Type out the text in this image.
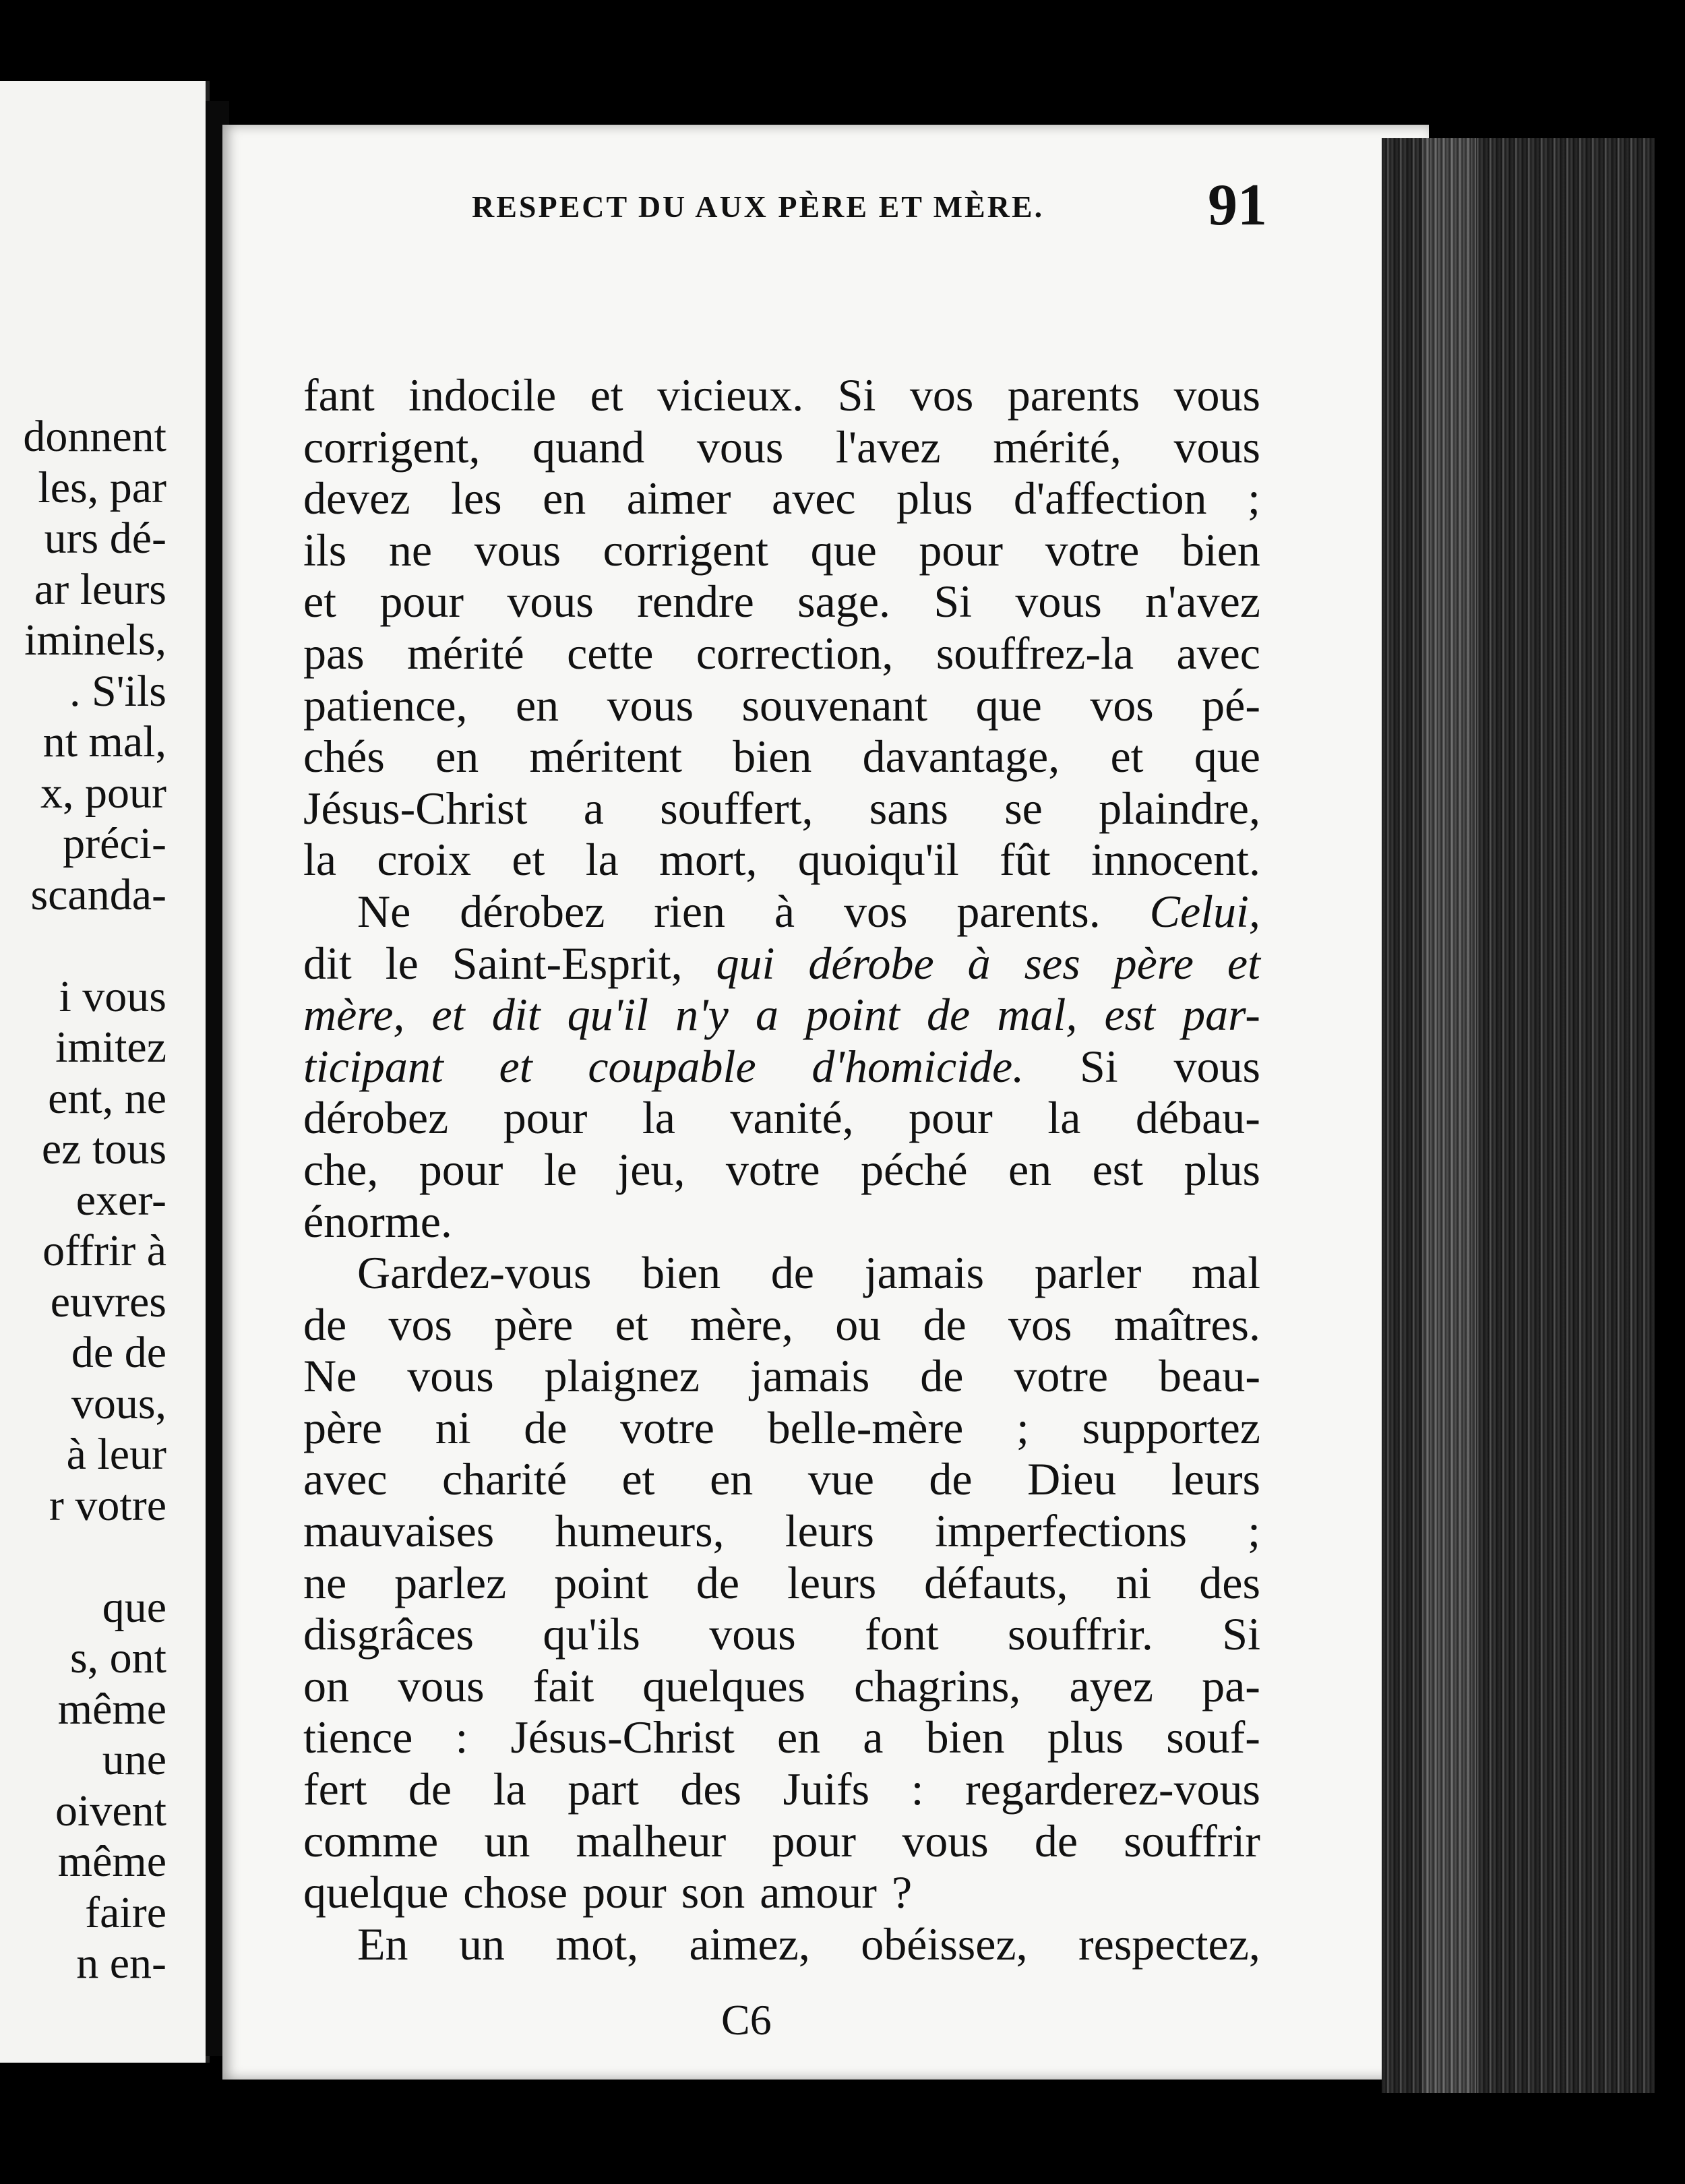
donnent
les, par
urs dé-
ar leurs
iminels,
. S'ils
nt mal,
x, pour
préci-
scanda-
i vous
imitez
ent, ne
ez tous
exer-
offrir à
euvres
de de
vous,
à leur
r votre
que
s, ont
même
une
oivent
même
faire
n en-
RESPECT DU AUX PÈRE ET MÈRE.	91
fant indocile et vicieux. Si vos parents vous
corrigent, quand vous l'avez mérité, vous
devez les en aimer avec plus d'affection ;
ils ne vous corrigent que pour votre bien
et pour vous rendre sage. Si vous n'avez
pas mérité cette correction, souffrez-la avec
patience, en vous souvenant que vos pé-
chés en méritent bien davantage, et que
Jésus-Christ a souffert, sans se plaindre,
la croix et la mort, quoiqu'il fût innocent.
Ne dérobez rien à vos parents. Celui,
dit le Saint-Esprit, qui dérobe à ses père et
mère, et dit qu'il n'y a point de mal, est par-
ticipant et coupable d'homicide. Si vous
dérobez pour la vanité, pour la débau-
che, pour le jeu, votre péché en est plus
énorme.
Gardez-vous bien de jamais parler mal
de vos père et mère, ou de vos maîtres.
Ne vous plaignez jamais de votre beau-
père ni de votre belle-mère ; supportez
avec charité et en vue de Dieu leurs
mauvaises humeurs, leurs imperfections ;
ne parlez point de leurs défauts, ni des
disgrâces qu'ils vous font souffrir. Si
on vous fait quelques chagrins, ayez pa-
tience : Jésus-Christ en a bien plus souf-
fert de la part des Juifs : regarderez-vous
comme un malheur pour vous de souffrir
quelque chose pour son amour ?
En un mot, aimez, obéissez, respectez,
C6
